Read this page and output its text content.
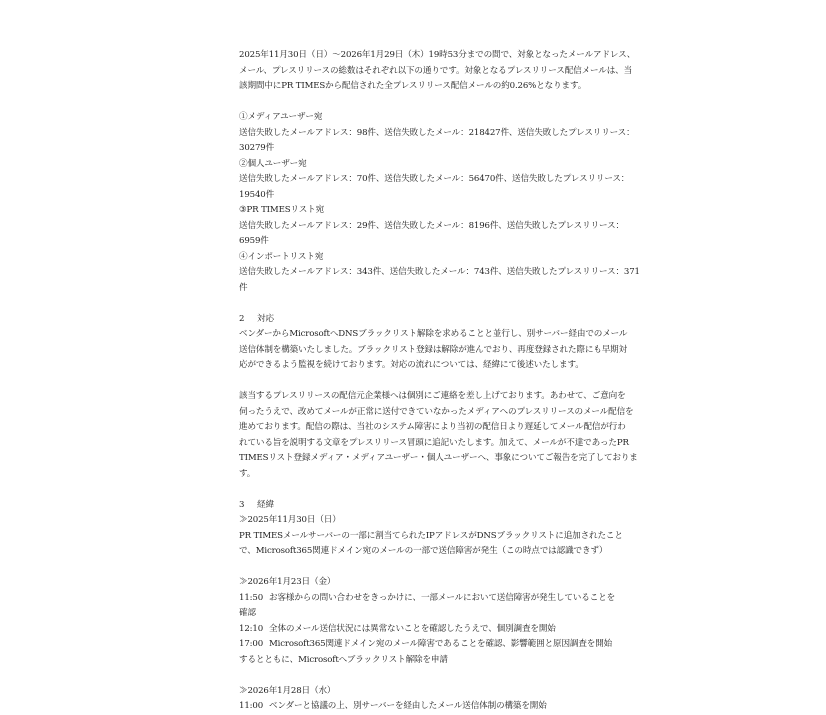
2025年11月30日（日）～2026年1月29日（木）19時53分までの間で、対象となったメールアドレス、
メール、プレスリリースの総数はそれぞれ以下の通りです。対象となるプレスリリース配信メールは、当
該期間中にPR TIMESから配信された全プレスリリース配信メールの約0.26%となります。
①メディアユーザー宛
送信失敗したメールアドレス：98件、送信失敗したメール：218427件、送信失敗したプレスリリース：
30279件
②個人ユーザー宛
送信失敗したメールアドレス：70件、送信失敗したメール：56470件、送信失敗したプレスリリース：
19540件
③PR TIMESリスト宛
送信失敗したメールアドレス：29件、送信失敗したメール：8196件、送信失敗したプレスリリース：
6959件
④インポートリスト宛
送信失敗したメールアドレス：343件、送信失敗したメール：743件、送信失敗したプレスリリース：371
件
2 対応
ベンダーからMicrosoftへDNSブラックリスト解除を求めることと並行し、別サーバー経由でのメール
送信体制を構築いたしました。ブラックリスト登録は解除が進んでおり、再度登録された際にも早期対
応ができるよう監視を続けております。対応の流れについては、経緯にて後述いたします。
該当するプレスリリースの配信元企業様へは個別にご連絡を差し上げております。あわせて、ご意向を
伺ったうえで、改めてメールが正常に送付できていなかったメディアへのプレスリリースのメール配信を
進めております。配信の際は、当社のシステム障害により当初の配信日より遅延してメール配信が行わ
れている旨を説明する文章をプレスリリース冒頭に追記いたします。加えて、メールが不達であったPR
TIMESリスト登録メディア・メディアユーザー・個人ユーザーへ、事象についてご報告を完了しておりま
す。
3 経緯
≫2025年11月30日（日）
PR TIMESメールサーバーの一部に割当てられたIPアドレスがDNSブラックリストに追加されたこと
で、Microsoft365関連ドメイン宛のメールの一部で送信障害が発生（この時点では認識できず）
≫2026年1月23日（金）
11:50 お客様からの問い合わせをきっかけに、一部メールにおいて送信障害が発生していることを
確認
12:10 全体のメール送信状況には異常ないことを確認したうえで、個別調査を開始
17:00 Microsoft365関連ドメイン宛のメール障害であることを確認、影響範囲と原因調査を開始
するとともに、Microsoftへブラックリスト解除を申請
≫2026年1月28日（水）
11:00 ベンダーと協議の上、別サーバーを経由したメール送信体制の構築を開始
